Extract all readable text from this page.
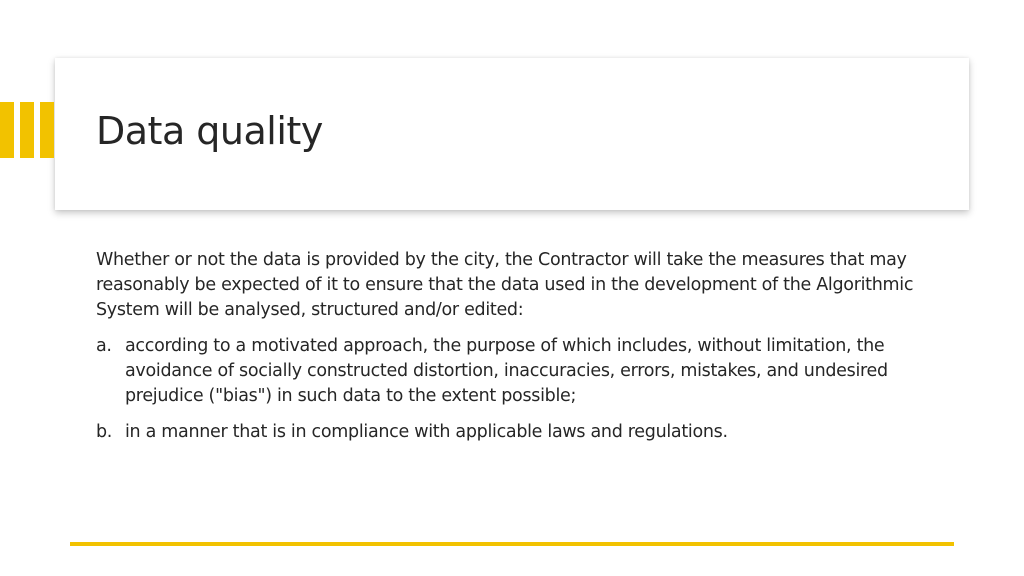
Data quality

Whether or not the data is provided by the city, the Contractor will take the measures that may reasonably be expected of it to ensure that the data used in the development of the Algorithmic System will be analysed, structured and/or edited:

a. according to a motivated approach, the purpose of which includes, without limitation, the avoidance of socially constructed distortion, inaccuracies, errors, mistakes, and undesired prejudice ("bias") in such data to the extent possible;
b. in a manner that is in compliance with applicable laws and regulations.
